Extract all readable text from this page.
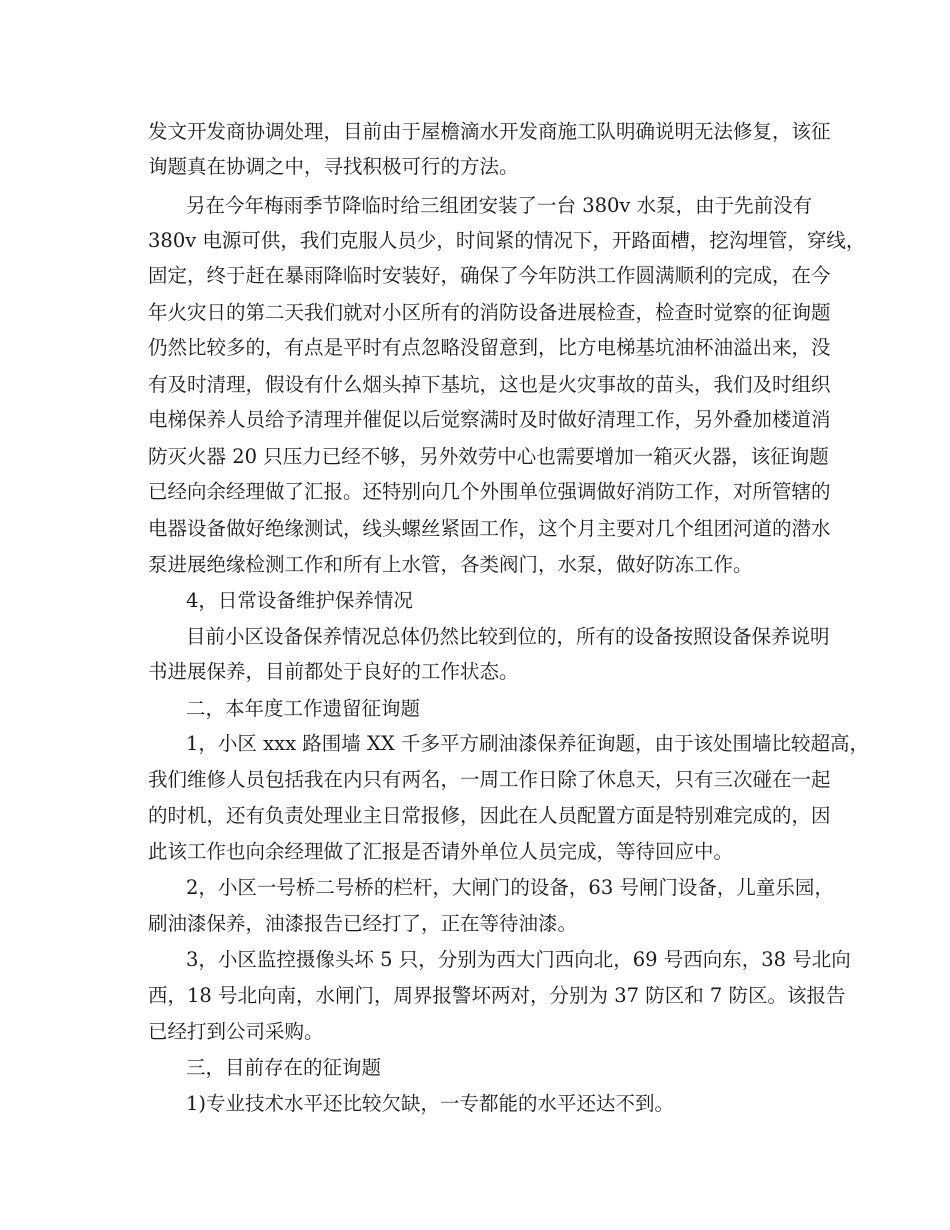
发文开发商协调处理，目前由于屋檐滴水开发商施工队明确说明无法修复，该征
询题真在协调之中，寻找积极可行的方法。
另在今年梅雨季节降临时给三组团安装了一台 380v 水泵，由于先前没有
380v 电源可供，我们克服人员少，时间紧的情况下，开路面槽，挖沟埋管，穿线，
固定，终于赶在暴雨降临时安装好，确保了今年防洪工作圆满顺利的完成，在今
年火灾日的第二天我们就对小区所有的消防设备进展检查，检查时觉察的征询题
仍然比较多的，有点是平时有点忽略没留意到，比方电梯基坑油杯油溢出来，没
有及时清理，假设有什么烟头掉下基坑，这也是火灾事故的苗头，我们及时组织
电梯保养人员给予清理并催促以后觉察满时及时做好清理工作，另外叠加楼道消
防灭火器 20 只压力已经不够，另外效劳中心也需要增加一箱灭火器，该征询题
已经向余经理做了汇报。还特别向几个外围单位强调做好消防工作，对所管辖的
电器设备做好绝缘测试，线头螺丝紧固工作，这个月主要对几个组团河道的潜水
泵进展绝缘检测工作和所有上水管，各类阀门，水泵，做好防冻工作。
4，日常设备维护保养情况
目前小区设备保养情况总体仍然比较到位的，所有的设备按照设备保养说明
书进展保养，目前都处于良好的工作状态。
二，本年度工作遗留征询题
1，小区 xxx 路围墙 XX 千多平方刷油漆保养征询题，由于该处围墙比较超高，
我们维修人员包括我在内只有两名，一周工作日除了休息天，只有三次碰在一起
的时机，还有负责处理业主日常报修，因此在人员配置方面是特别难完成的，因
此该工作也向余经理做了汇报是否请外单位人员完成，等待回应中。
2，小区一号桥二号桥的栏杆，大闸门的设备，63 号闸门设备，儿童乐园，
刷油漆保养，油漆报告已经打了，正在等待油漆。
3，小区监控摄像头坏 5 只，分别为西大门西向北，69 号西向东，38 号北向
西，18 号北向南，水闸门，周界报警坏两对，分别为 37 防区和 7 防区。该报告
已经打到公司采购。
三，目前存在的征询题
1)专业技术水平还比较欠缺，一专都能的水平还达不到。
